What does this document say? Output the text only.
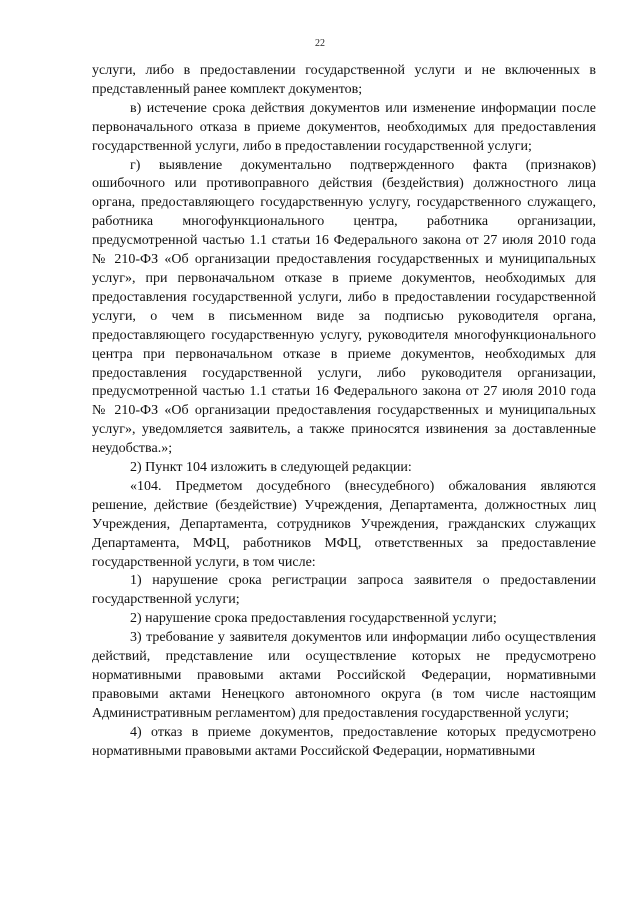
22

услуги, либо в предоставлении государственной услуги и не включенных в представленный ранее комплект документов;

в) истечение срока действия документов или изменение информации после первоначального отказа в приеме документов, необходимых для предоставления государственной услуги, либо в предоставлении государственной услуги;

г) выявление документально подтвержденного факта (признаков) ошибочного или противоправного действия (бездействия) должностного лица органа, предоставляющего государственную услугу, государственного служащего, работника многофункционального центра, работника организации, предусмотренной частью 1.1 статьи 16 Федерального закона от 27 июля 2010 года № 210-ФЗ «Об организации предоставления государственных и муниципальных услуг», при первоначальном отказе в приеме документов, необходимых для предоставления государственной услуги, либо в предоставлении государственной услуги, о чем в письменном виде за подписью руководителя органа, предоставляющего государственную услугу, руководителя многофункционального центра при первоначальном отказе в приеме документов, необходимых для предоставления государственной услуги, либо руководителя организации, предусмотренной частью 1.1 статьи 16 Федерального закона от 27 июля 2010 года № 210-ФЗ «Об организации предоставления государственных и муниципальных услуг», уведомляется заявитель, а также приносятся извинения за доставленные неудобства.»;

2) Пункт 104 изложить в следующей редакции:

«104. Предметом досудебного (внесудебного) обжалования являются решение, действие (бездействие) Учреждения, Департамента, должностных лиц Учреждения, Департамента, сотрудников Учреждения, гражданских служащих Департамента, МФЦ, работников МФЦ, ответственных за предоставление государственной услуги, в том числе:

1) нарушение срока регистрации запроса заявителя о предоставлении государственной услуги;

2) нарушение срока предоставления государственной услуги;

3) требование у заявителя документов или информации либо осуществления действий, представление или осуществление которых не предусмотрено нормативными правовыми актами Российской Федерации, нормативными правовыми актами Ненецкого автономного округа (в том числе настоящим Административным регламентом) для предоставления государственной услуги;

4) отказ в приеме документов, предоставление которых предусмотрено нормативными правовыми актами Российской Федерации, нормативными
